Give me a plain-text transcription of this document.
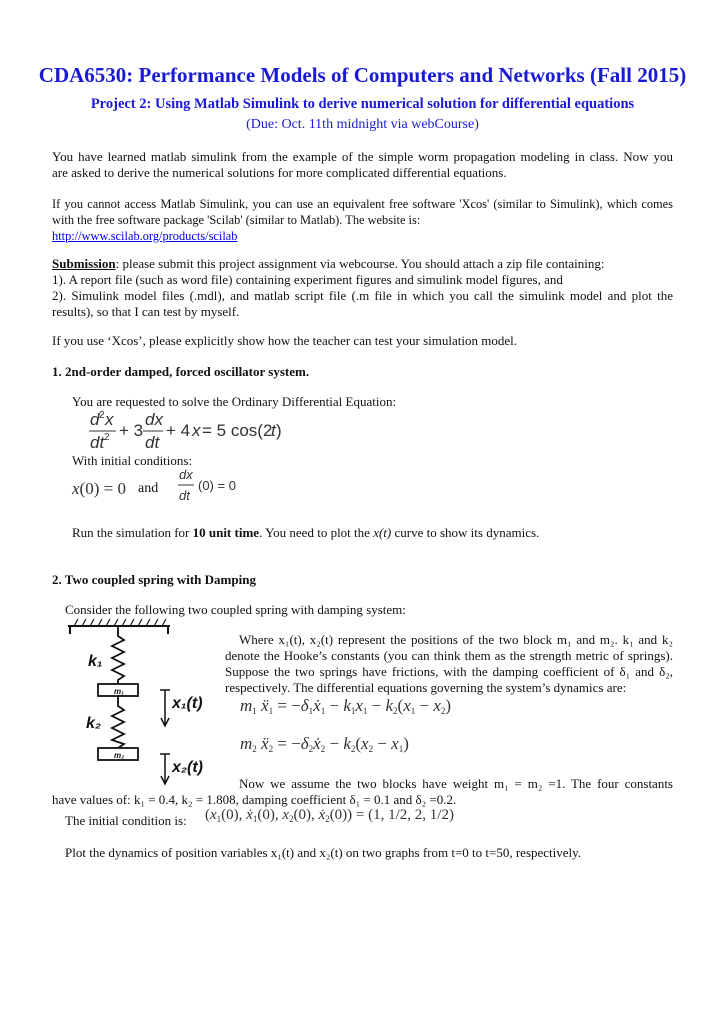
CDA6530: Performance Models of Computers and Networks (Fall 2015)
Project 2: Using Matlab Simulink to derive numerical solution for differential equations
(Due: Oct. 11th midnight via webCourse)
You have learned matlab simulink from the example of the simple worm propagation modeling in class. Now you
are asked to derive the numerical solutions for more complicated differential equations.
If you cannot access Matlab Simulink, you can use an equivalent free software 'Xcos' (similar to Simulink), which comes
with the free software package 'Scilab' (similar to Matlab). The website is:
http://www.scilab.org/products/scilab
Submission: please submit this project assignment via webcourse. You should attach a zip file containing:
1). A report file (such as word file) containing experiment figures and simulink model figures, and
2). Simulink model files (.mdl), and matlab script file (.m file in which you call the simulink model and plot the
results), so that I can test by myself.
If you use ‘Xcos’, please explicitly show how the teacher can test your simulation model.
1. 2nd-order damped, forced oscillator system.
You are requested to solve the Ordinary Differential Equation:
d 2 x
dt 2 + 3
dx
dt
+ 4 x = 5 cos(2
t )
With initial conditions:
x(0) = 0 and
dx
dt
(0) = 0
Run the simulation for 10 unit time. You need to plot the x(t) curve to show its dynamics.
2. Two coupled spring with Damping
Consider the following two coupled spring with damping system:
m₁
m₂
k₁
k₂
x₁(t)
x₂(t)
Where x₁(t), x₂(t) represent the positions of the two block m₁ and m₂. k₁ and k₂
denote the Hooke’s constants (you can think them as the strength metric of springs).
Suppose the two springs have frictions, with the damping coefficient of δ₁ and δ₂,
respectively. The differential equations governing the system’s dynamics are:
$m_1$ ẍ$_1$ = $-\delta_1ẋ_1 - k_1x_1 - k_2(x_1 - x_2)$
$m_2$ ẍ$_2$ = $-\delta_2ẋ_2 - k_2(x_2 - x_1)$
Now we assume the two blocks have weight m₁ = m₂ =1. The four constants
have values of: k₁ = 0.4, k₂ = 1.808, damping coefficient δ₁ = 0.1 and δ₂ =0.2.
The initial condition is: ($x_1(0)$, ẋ$_1$(0), $x_2(0)$, ẋ$_2$(0)) = (1, 1/2, 2, 1/2)
Plot the dynamics of position variables x₁(t) and x₂(t) on two graphs from t=0 to t=50, respectively.
